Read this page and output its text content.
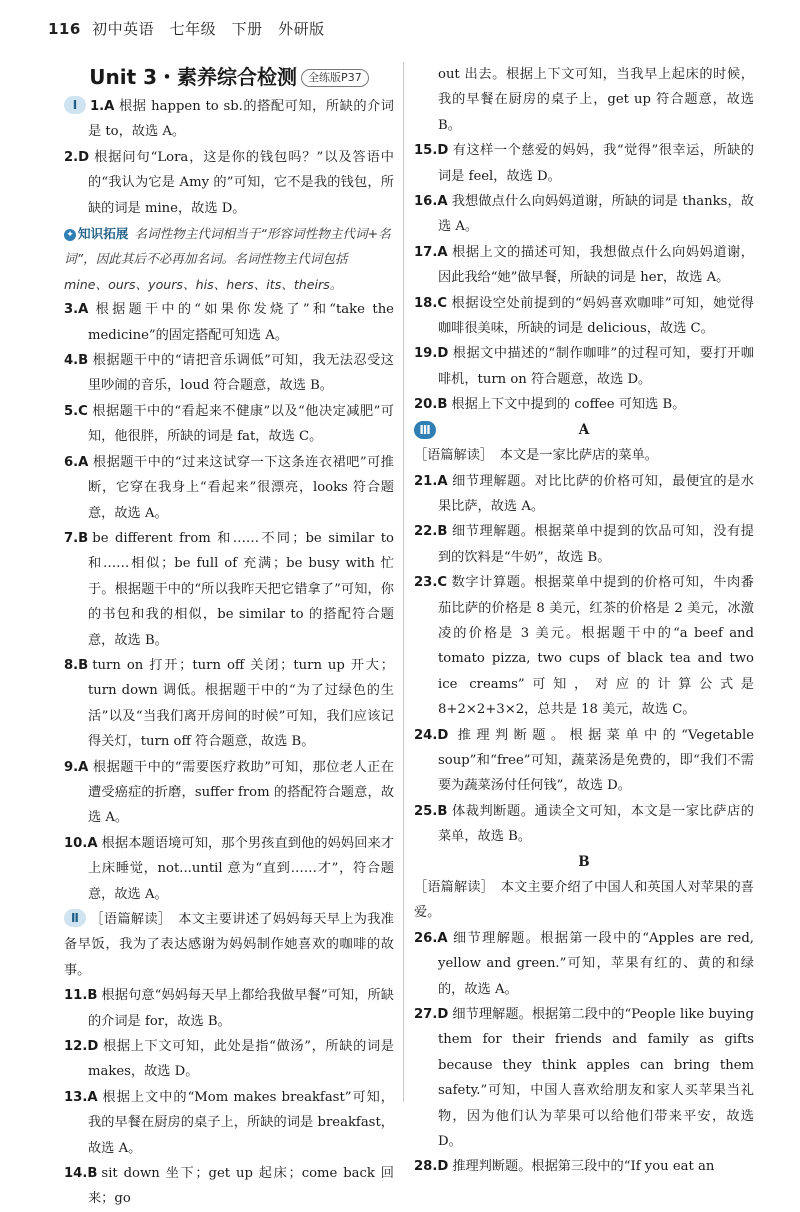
116 初中英语　七年级　下册　外研版
Unit 3・素养综合检测 全练版P37
Ⅰ 1.A 根据 happen to sb.的搭配可知，所缺的介词是 to，故选 A。
2.D 根据问句“Lora，这是你的钱包吗？”以及答语中的“我认为它是 Amy 的”可知，它不是我的钱包，所缺的词是 mine，故选 D。
✦ 知识拓展 名词性物主代词相当于“形容词性物主代词+名词”，因此其后不必再加名词。名词性物主代词包括 mine、ours、yours、his、hers、its、theirs。
3.A 根据题干中的“如果你发烧了”和“take the medicine”的固定搭配可知选 A。
4.B 根据题干中的“请把音乐调低”可知，我无法忍受这里吵闹的音乐，loud 符合题意，故选 B。
5.C 根据题干中的“看起来不健康”以及“他决定减肥”可知，他很胖，所缺的词是 fat，故选 C。
6.A 根据题干中的“过来这试穿一下这条连衣裙吧”可推断，它穿在我身上“看起来”很漂亮，looks 符合题意，故选 A。
7.B be different from 和……不同；be similar to 和……相似；be full of 充满；be busy with 忙于。根据题干中的“所以我昨天把它错拿了”可知，你的书包和我的相似，be similar to 的搭配符合题意，故选 B。
8.B turn on 打开；turn off 关闭；turn up 开大；turn down 调低。根据题干中的“为了过绿色的生活”以及“当我们离开房间的时候”可知，我们应该记得关灯，turn off 符合题意，故选 B。
9.A 根据题干中的“需要医疗救助”可知，那位老人正在遭受癌症的折磨，suffer from 的搭配符合题意，故选 A。
10.A 根据本题语境可知，那个男孩直到他的妈妈回来才上床睡觉，not...until 意为“直到……才”，符合题意，故选 A。
Ⅱ ［语篇解读］　本文主要讲述了妈妈每天早上为我准备早饭，我为了表达感谢为妈妈制作她喜欢的咖啡的故事。
11.B 根据句意“妈妈每天早上都给我做早餐”可知，所缺的介词是 for，故选 B。
12.D 根据上下文可知，此处是指“做汤”，所缺的词是 makes，故选 D。
13.A 根据上文中的“Mom makes breakfast”可知，我的早餐在厨房的桌子上，所缺的词是 breakfast，故选 A。
14.B sit down 坐下；get up 起床；come back 回来；go
out 出去。根据上下文可知，当我早上起床的时候，我的早餐在厨房的桌子上，get up 符合题意，故选 B。
15.D 有这样一个慈爱的妈妈，我“觉得”很幸运，所缺的词是 feel，故选 D。
16.A 我想做点什么向妈妈道谢，所缺的词是 thanks，故选 A。
17.A 根据上文的描述可知，我想做点什么向妈妈道谢，因此我给“她”做早餐，所缺的词是 her，故选 A。
18.C 根据设空处前提到的“妈妈喜欢咖啡”可知，她觉得咖啡很美味，所缺的词是 delicious，故选 C。
19.D 根据文中描述的“制作咖啡”的过程可知，要打开咖啡机，turn on 符合题意，故选 D。
20.B 根据上下文中提到的 coffee 可知选 B。
Ⅲ	A
［语篇解读］　本文是一家比萨店的菜单。
21.A 细节理解题。对比比萨的价格可知，最便宜的是水果比萨，故选 A。
22.B 细节理解题。根据菜单中提到的饮品可知，没有提到的饮料是“牛奶”，故选 B。
23.C 数字计算题。根据菜单中提到的价格可知，牛肉番茄比萨的价格是 8 美元，红茶的价格是 2 美元，冰激凌的价格是 3 美元。根据题干中的“a beef and tomato pizza, two cups of black tea and two ice creams”可知，对应的计算公式是 8+2×2+3×2，总共是 18 美元，故选 C。
24.D 推理判断题。根据菜单中的“Vegetable soup”和“free”可知，蔬菜汤是免费的，即“我们不需要为蔬菜汤付任何钱”，故选 D。
25.B 体裁判断题。通读全文可知，本文是一家比萨店的菜单，故选 B。
B
［语篇解读］　本文主要介绍了中国人和英国人对苹果的喜爱。
26.A 细节理解题。根据第一段中的“Apples are red, yellow and green.”可知，苹果有红的、黄的和绿的，故选 A。
27.D 细节理解题。根据第二段中的“People like buying them for their friends and family as gifts because they think apples can bring them safety.”可知，中国人喜欢给朋友和家人买苹果当礼物，因为他们认为苹果可以给他们带来平安，故选 D。
28.D 推理判断题。根据第三段中的“If you eat an
